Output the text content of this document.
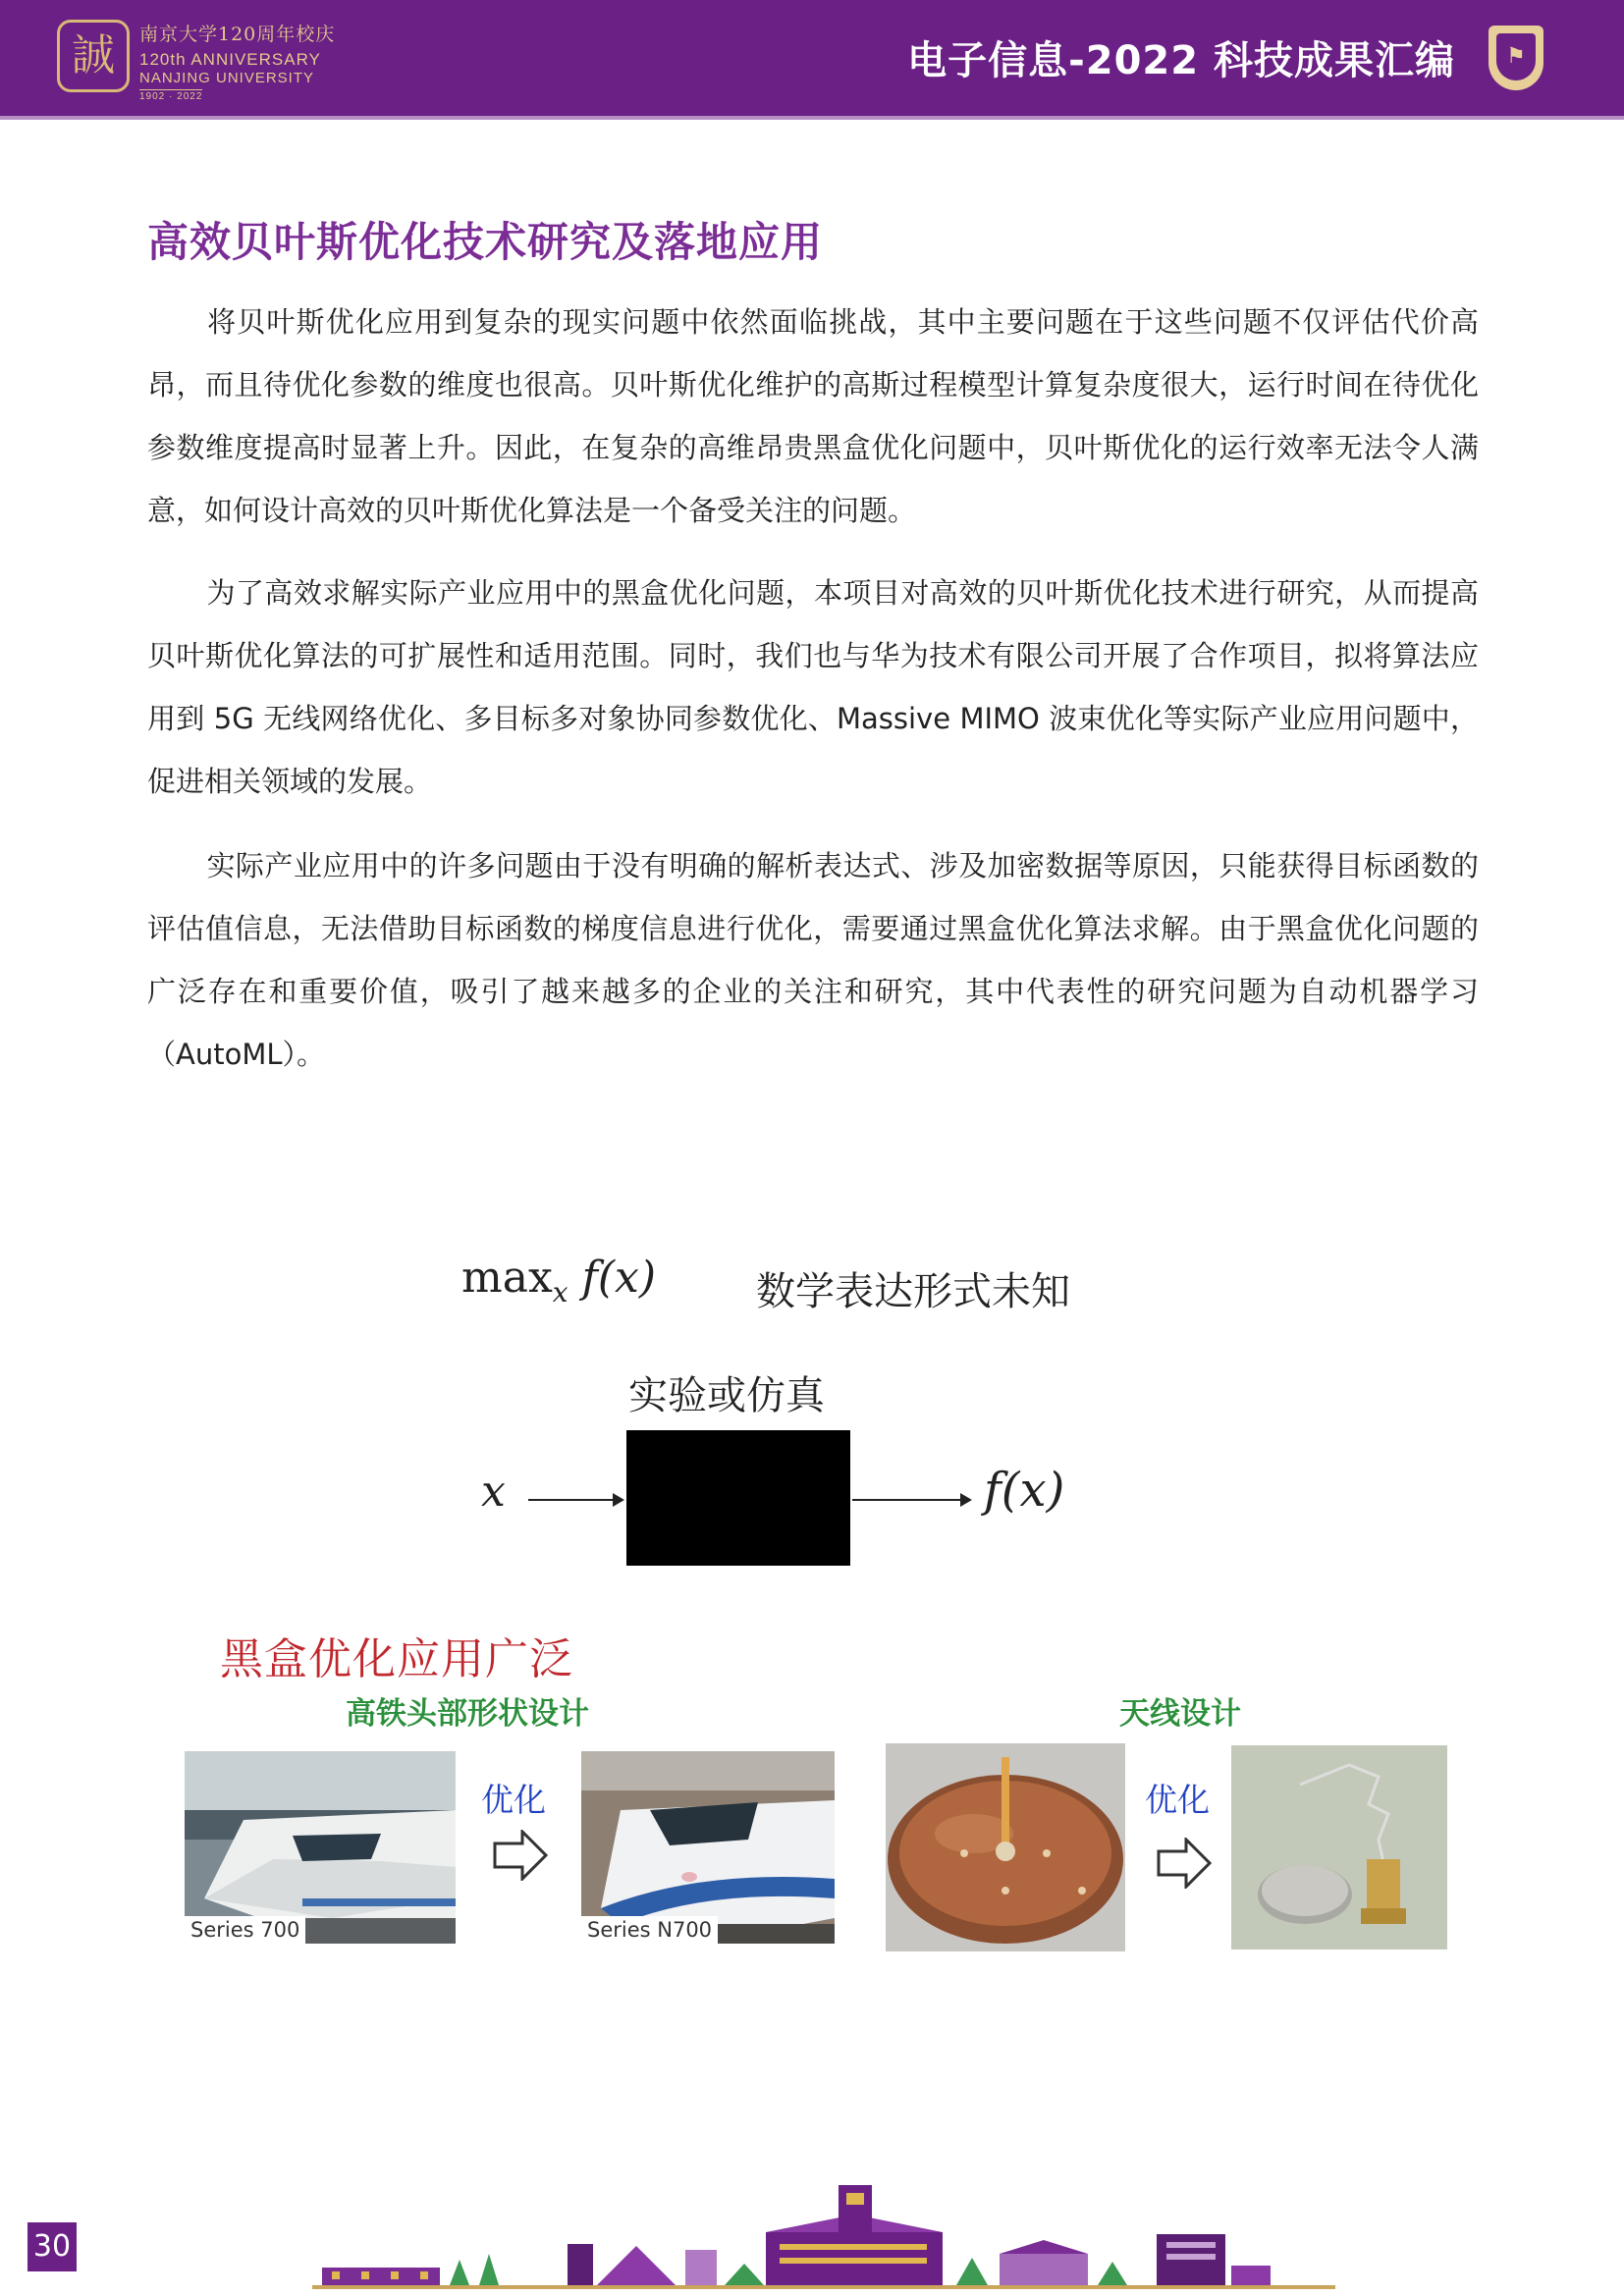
誠	南京大学120周年校庆
120th ANNIVERSARY
NANJING UNIVERSITY
1902 · 2022
电子信息-2022 科技成果汇编	⚑
高效贝叶斯优化技术研究及落地应用

将贝叶斯优化应用到复杂的现实问题中依然面临挑战，其中主要问题在于这些问题不仅评估代价高昂，而且待优化参数的维度也很高。贝叶斯优化维护的高斯过程模型计算复杂度很大，运行时间在待优化参数维度提高时显著上升。因此，在复杂的高维昂贵黑盒优化问题中，贝叶斯优化的运行效率无法令人满意，如何设计高效的贝叶斯优化算法是一个备受关注的问题。

为了高效求解实际产业应用中的黑盒优化问题，本项目对高效的贝叶斯优化技术进行研究，从而提高贝叶斯优化算法的可扩展性和适用范围。同时，我们也与华为技术有限公司开展了合作项目，拟将算法应用到 5G 无线网络优化、多目标多对象协同参数优化、Massive MIMO 波束优化等实际产业应用问题中，促进相关领域的发展。

实际产业应用中的许多问题由于没有明确的解析表达式、涉及加密数据等原因，只能获得目标函数的评估值信息，无法借助目标函数的梯度信息进行优化，需要通过黑盒优化算法求解。由于黑盒优化问题的广泛存在和重要价值，吸引了越来越多的企业的关注和研究，其中代表性的研究问题为自动机器学习（AutoML）。

$\max_x f(x)$	数学表达形式未知
实验或仿真
x	f(x)
黑盒优化应用广泛
高铁头部形状设计	天线设计
Series 700
优化
Series N700
优化
30
